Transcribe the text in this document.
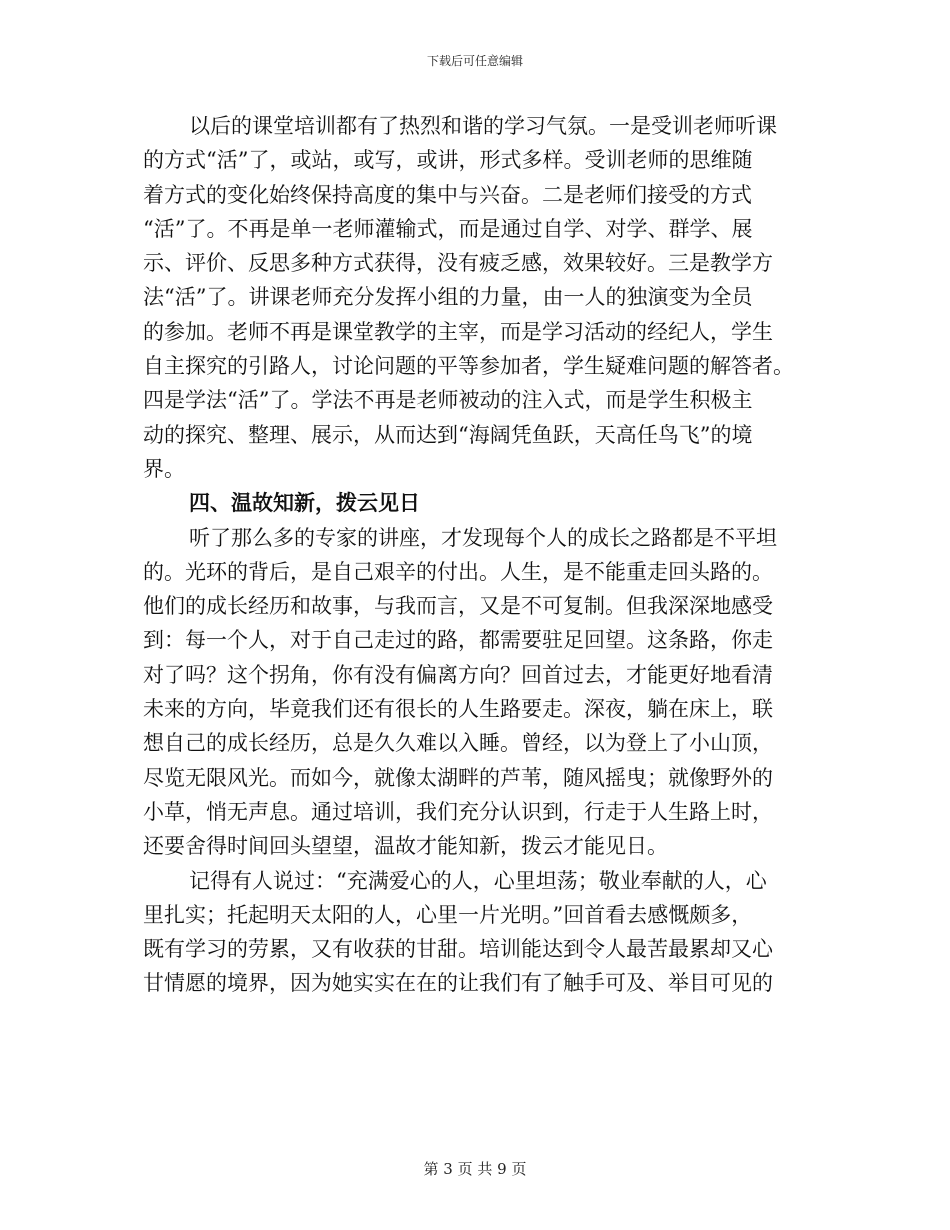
下载后可任意编辑
以后的课堂培训都有了热烈和谐的学习气氛。一是受训老师听课
的方式“活”了，或站，或写，或讲，形式多样。受训老师的思维随
着方式的变化始终保持高度的集中与兴奋。二是老师们接受的方式
“活”了。不再是单一老师灌输式，而是通过自学、对学、群学、展
示、评价、反思多种方式获得，没有疲乏感，效果较好。三是教学方
法“活”了。讲课老师充分发挥小组的力量，由一人的独演变为全员
的参加。老师不再是课堂教学的主宰，而是学习活动的经纪人，学生
自主探究的引路人，讨论问题的平等参加者，学生疑难问题的解答者。
四是学法“活”了。学法不再是老师被动的注入式，而是学生积极主
动的探究、整理、展示，从而达到“海阔凭鱼跃，天高任鸟飞”的境
界。
四、温故知新，拨云见日
听了那么多的专家的讲座，才发现每个人的成长之路都是不平坦
的。光环的背后，是自己艰辛的付出。人生，是不能重走回头路的。
他们的成长经历和故事，与我而言，又是不可复制。但我深深地感受
到：每一个人，对于自己走过的路，都需要驻足回望。这条路，你走
对了吗？这个拐角，你有没有偏离方向？回首过去，才能更好地看清
未来的方向，毕竟我们还有很长的人生路要走。深夜，躺在床上，联
想自己的成长经历，总是久久难以入睡。曾经，以为登上了小山顶，
尽览无限风光。而如今，就像太湖畔的芦苇，随风摇曳；就像野外的
小草，悄无声息。通过培训，我们充分认识到，行走于人生路上时，
还要舍得时间回头望望，温故才能知新，拨云才能见日。
记得有人说过：“充满爱心的人，心里坦荡；敬业奉献的人，心
里扎实；托起明天太阳的人，心里一片光明。”回首看去感慨颇多，
既有学习的劳累，又有收获的甘甜。培训能达到令人最苦最累却又心
甘情愿的境界，因为她实实在在的让我们有了触手可及、举目可见的
第 3 页 共 9 页
